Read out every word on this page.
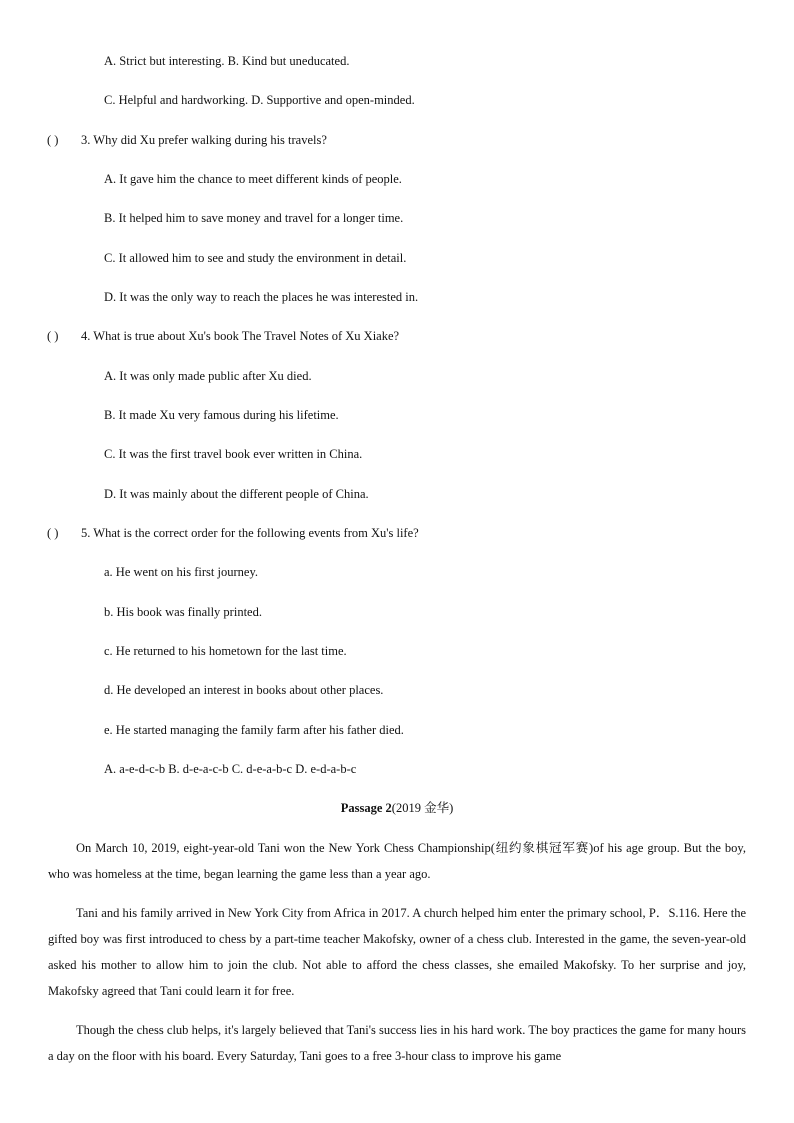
A. Strict but interesting. B. Kind but uneducated.
C. Helpful and hardworking. D. Supportive and open-minded.
( ) 3. Why did Xu prefer walking during his travels?
A. It gave him the chance to meet different kinds of people.
B. It helped him to save money and travel for a longer time.
C. It allowed him to see and study the environment in detail.
D. It was the only way to reach the places he was interested in.
( ) 4. What is true about Xu's book The Travel Notes of Xu Xiake?
A. It was only made public after Xu died.
B. It made Xu very famous during his lifetime.
C. It was the first travel book ever written in China.
D. It was mainly about the different people of China.
( ) 5. What is the correct order for the following events from Xu's life?
a. He went on his first journey.
b. His book was finally printed.
c. He returned to his hometown for the last time.
d. He developed an interest in books about other places.
e. He started managing the family farm after his father died.
A. a-e-d-c-b B. d-e-a-c-b C. d-e-a-b-c D. e-d-a-b-c
Passage 2(2019 金华)
On March 10, 2019, eight-year-old Tani won the New York Chess Championship(纽约象棋冠军赛)of his age group. But the boy, who was homeless at the time, began learning the game less than a year ago.
Tani and his family arrived in New York City from Africa in 2017. A church helped him enter the primary school, P．S.116. Here the gifted boy was first introduced to chess by a part-time teacher Makofsky, owner of a chess club. Interested in the game, the seven-year-old asked his mother to allow him to join the club. Not able to afford the chess classes, she emailed Makofsky. To her surprise and joy, Makofsky agreed that Tani could learn it for free.
Though the chess club helps, it's largely believed that Tani's success lies in his hard work. The boy practices the game for many hours a day on the floor with his board. Every Saturday, Tani goes to a free 3-hour class to improve his game
